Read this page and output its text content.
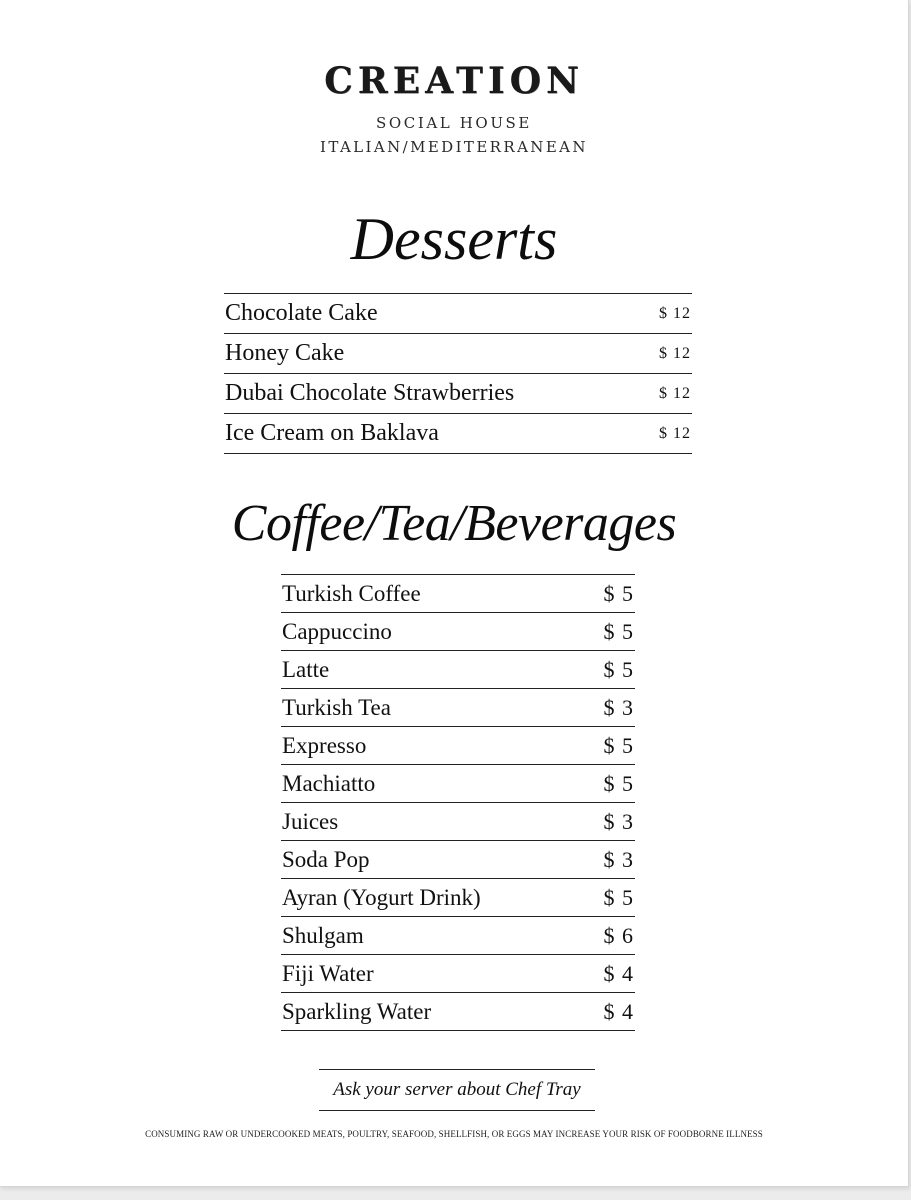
CREATION
SOCIAL HOUSE
ITALIAN/MEDITERRANEAN
Desserts
Chocolate Cake	$ 12
Honey Cake	$ 12
Dubai Chocolate Strawberries	$ 12
Ice Cream on Baklava	$ 12
Coffee/Tea/Beverages
Turkish Coffee	$ 5
Cappuccino	$ 5
Latte	$ 5
Turkish Tea	$ 3
Expresso	$ 5
Machiatto	$ 5
Juices	$ 3
Soda Pop	$ 3
Ayran (Yogurt Drink)	$ 5
Shulgam	$ 6
Fiji Water	$ 4
Sparkling Water	$ 4
Ask your server about Chef Tray
CONSUMING RAW OR UNDERCOOKED MEATS, POULTRY, SEAFOOD, SHELLFISH, OR EGGS MAY INCREASE YOUR RISK OF FOODBORNE ILLNESS
